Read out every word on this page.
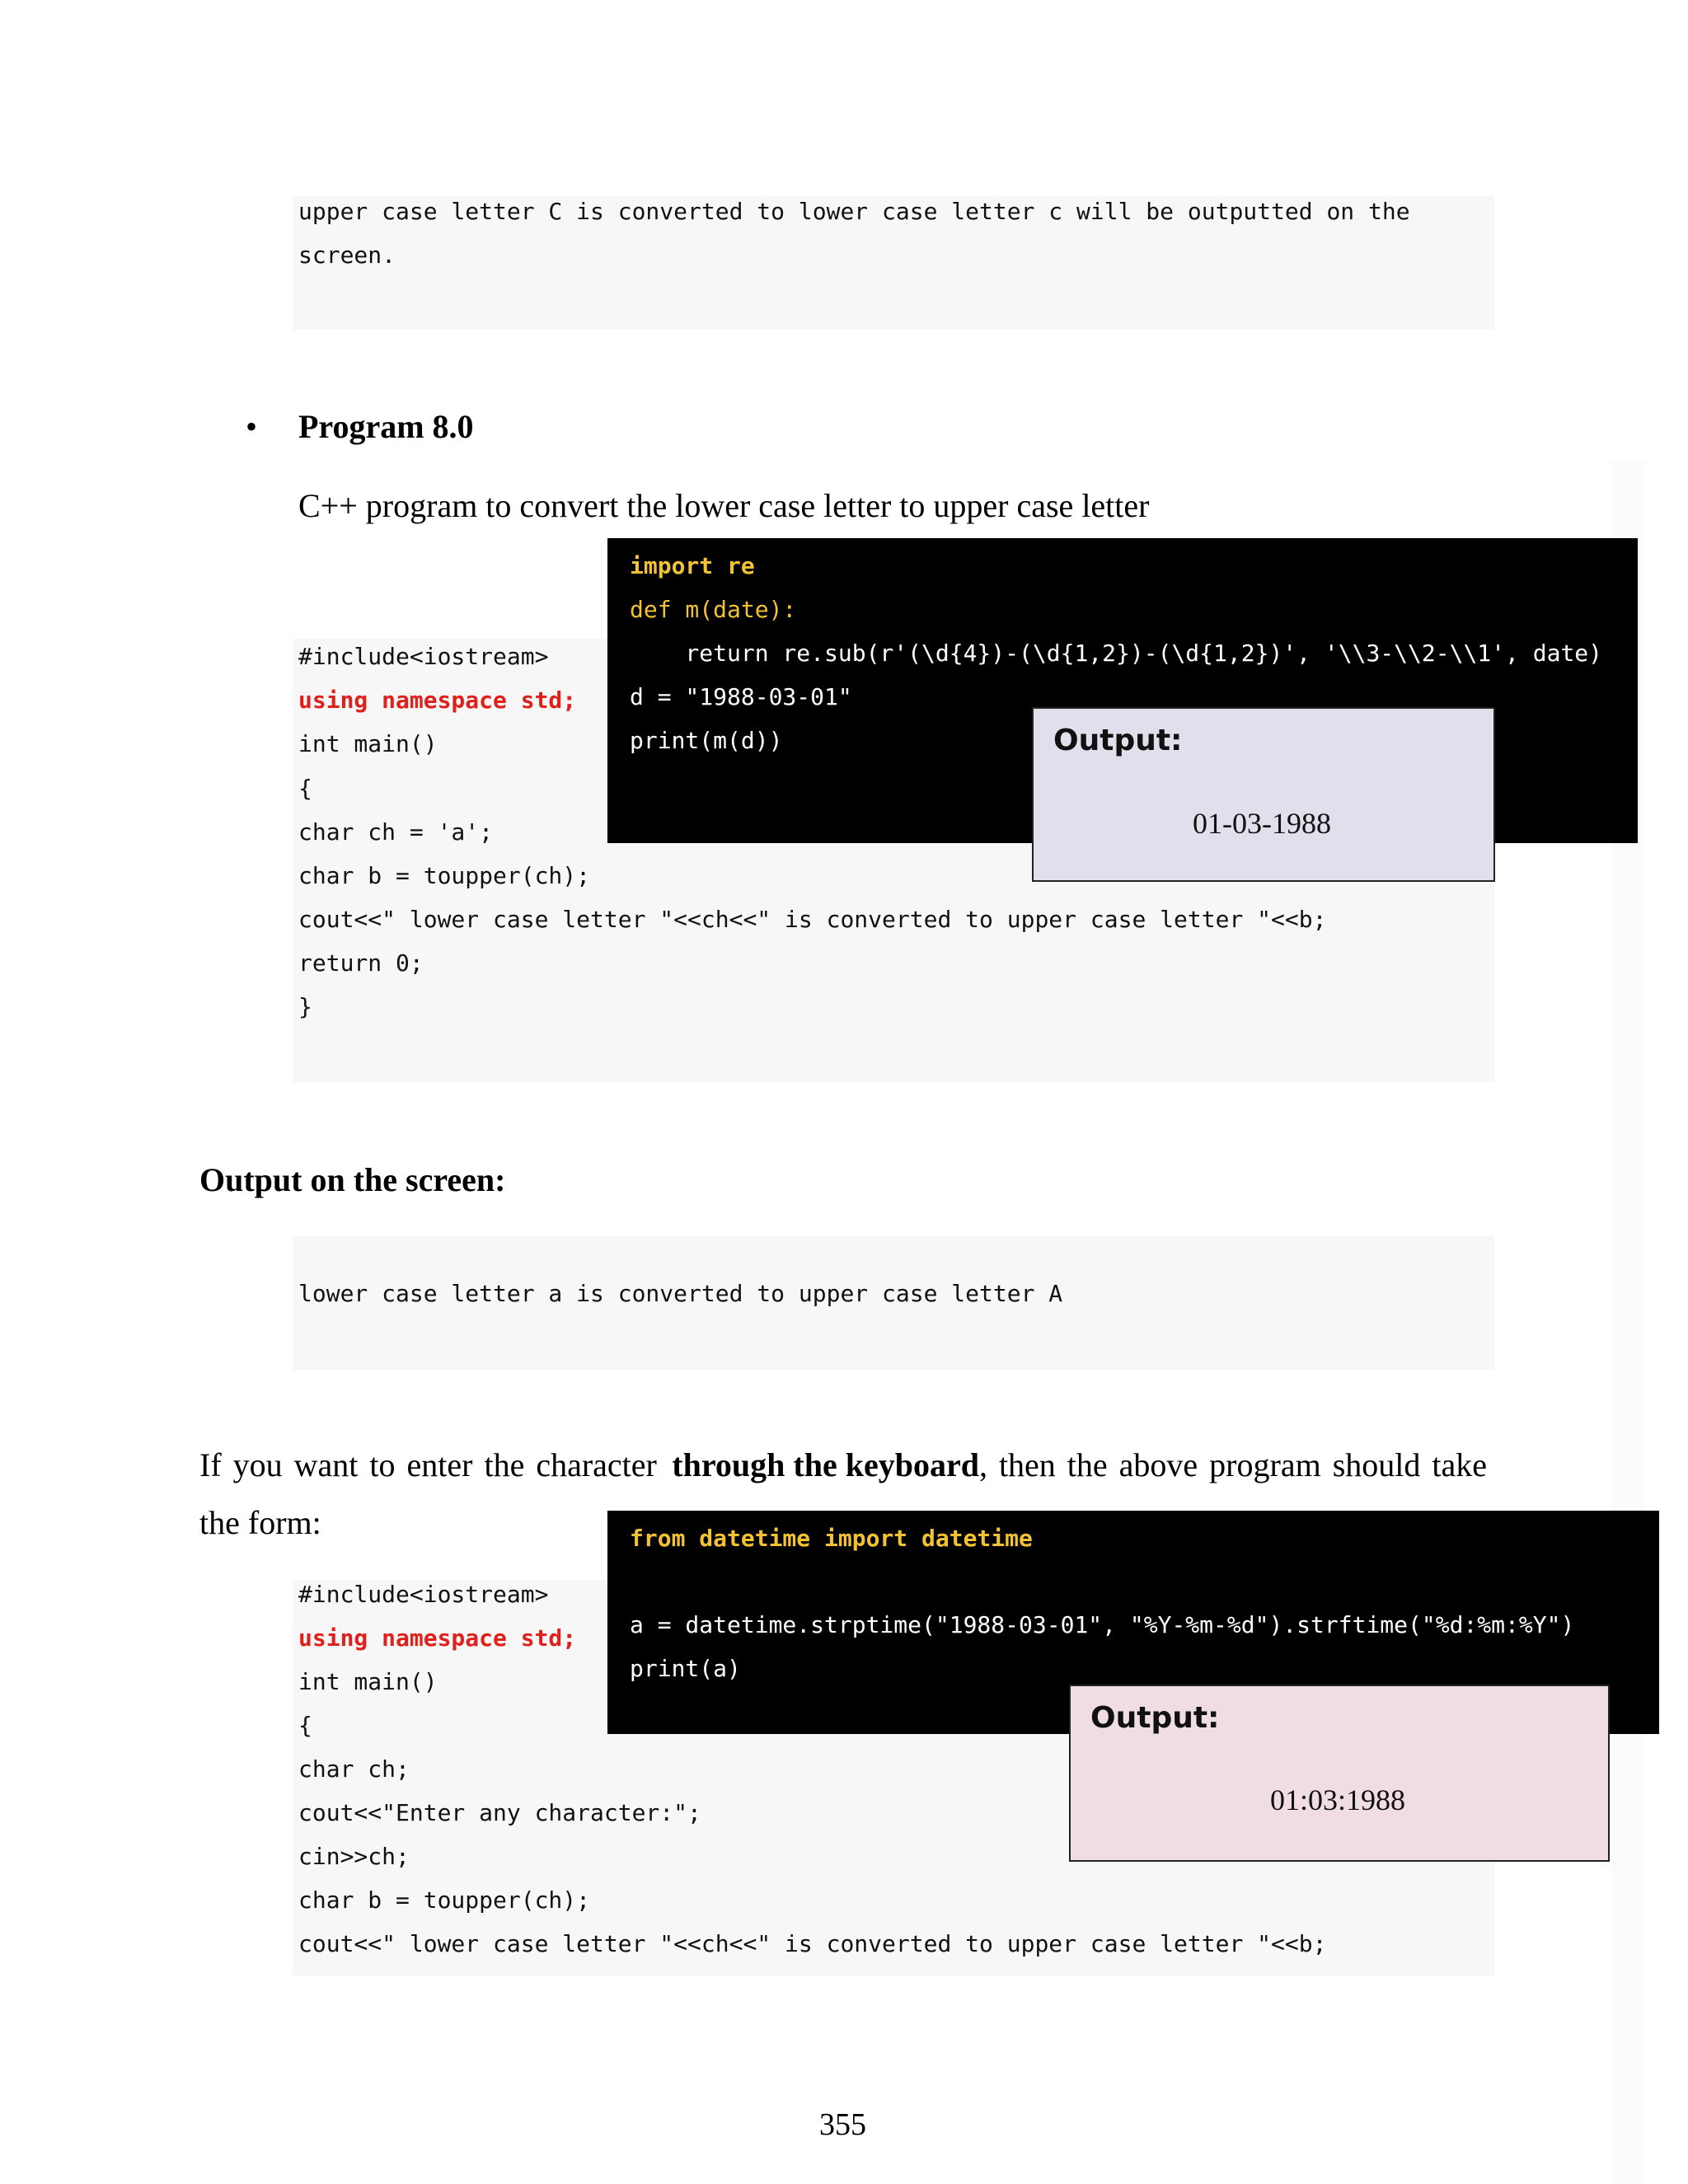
upper case letter C is converted to lower case letter c will be outputted on the
screen.
• Program 8.0
C++ program to convert the lower case letter to upper case letter
#include<iostream>
using namespace std;
int main()
{
char ch = 'a';
char b = toupper(ch);
cout<<" lower case letter "<<ch<<" is converted to upper case letter "<<b;
return 0;
}
import re
def m(date):
return re.sub(r'(\d{4})-(\d{1,2})-(\d{1,2})', '\\3-\\2-\\1', date)
d = "1988-03-01"
print(m(d))	Output:
01-03-1988
Output on the screen:
lower case letter a is converted to upper case letter A
If you want to enter the character through the keyboard, then the above program should take
the form:
#include<iostream>
using namespace std;
int main()
{
char ch;
cout<<"Enter any character:";
cin>>ch;
char b = toupper(ch);
cout<<" lower case letter "<<ch<<" is converted to upper case letter "<<b;
from datetime import datetime
a = datetime.strptime("1988-03-01", "%Y-%m-%d").strftime("%d:%m:%Y")
print(a)
Output:
01:03:1988
355
